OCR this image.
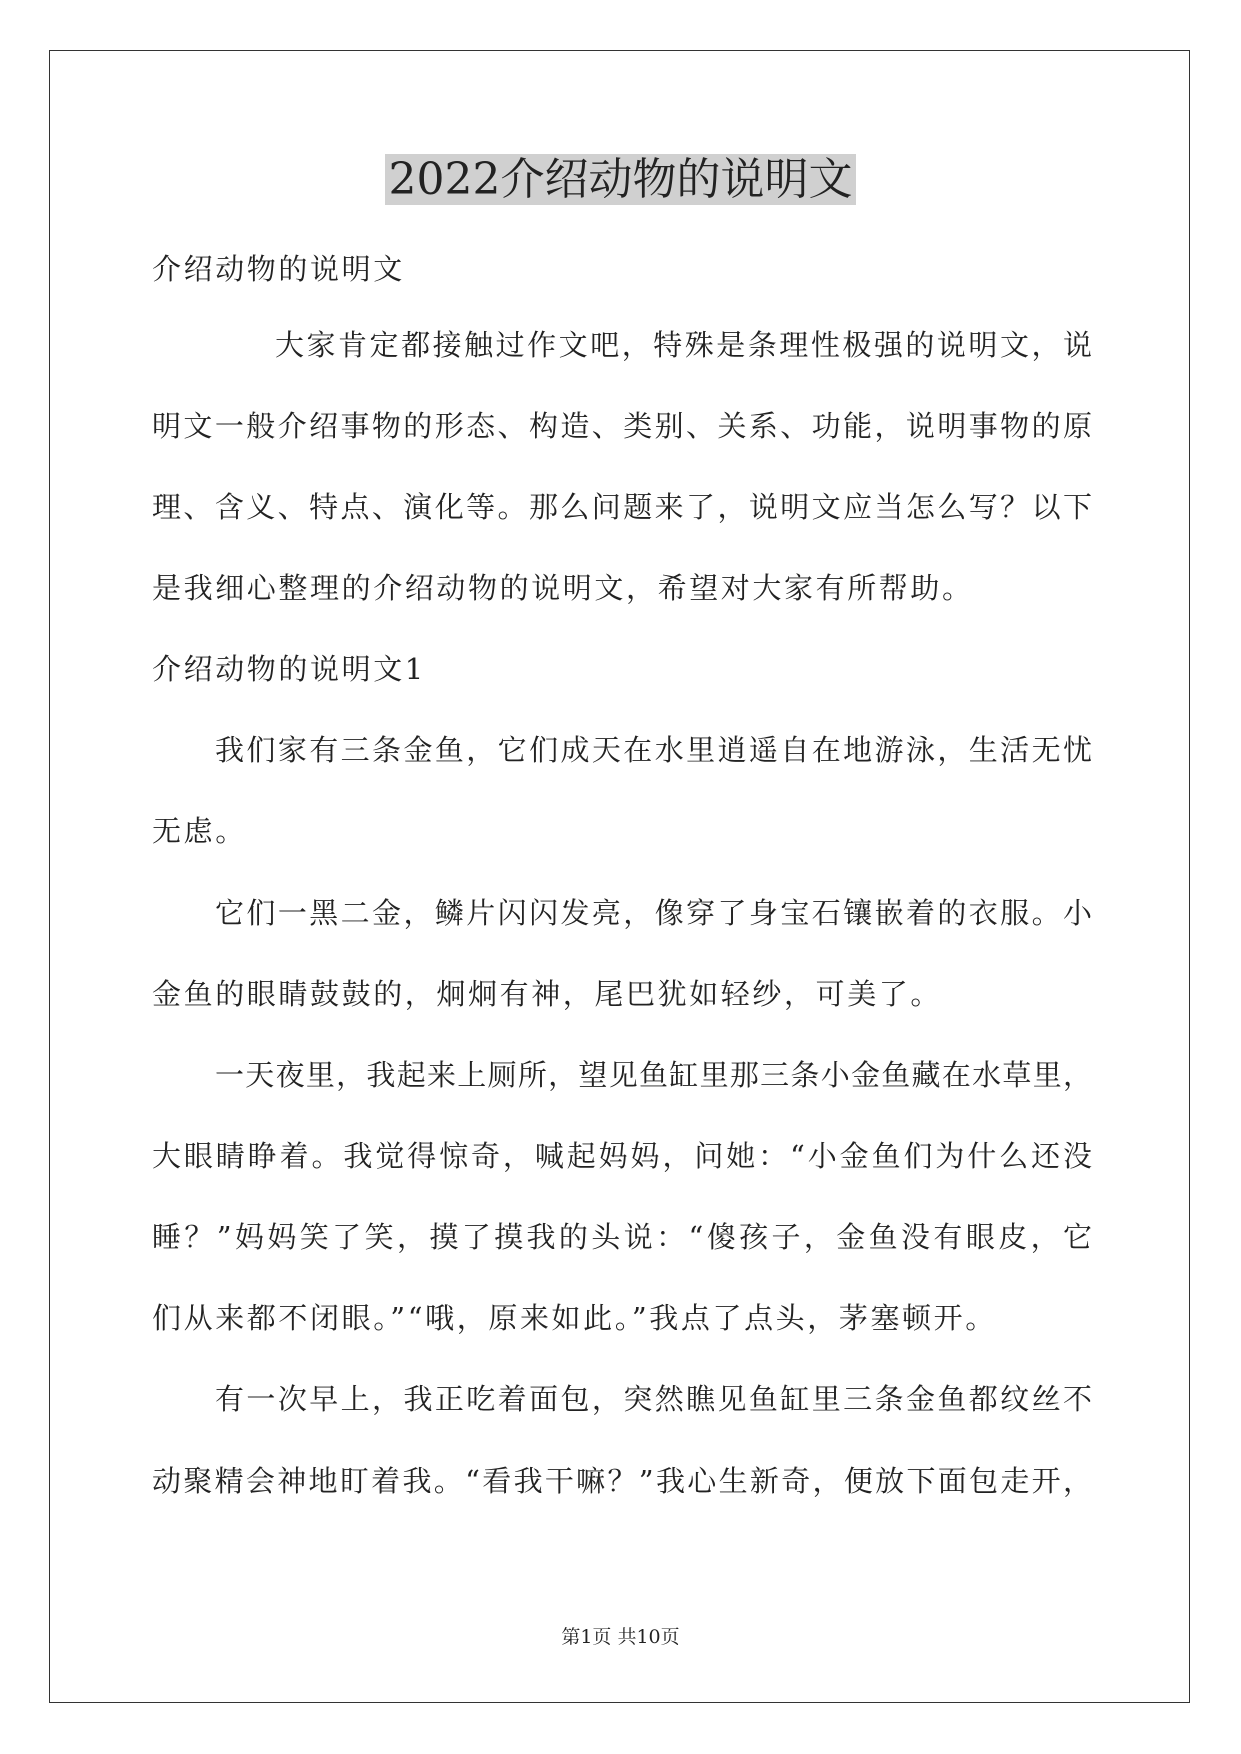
2022介绍动物的说明文
介绍动物的说明文
大家肯定都接触过作文吧，特殊是条理性极强的说明文，说
明文一般介绍事物的形态、构造、类别、关系、功能，说明事物的原
理、含义、特点、演化等。那么问题来了，说明文应当怎么写？以下
是我细心整理的介绍动物的说明文，希望对大家有所帮助。
介绍动物的说明文1
我们家有三条金鱼，它们成天在水里逍遥自在地游泳，生活无忧
无虑。
它们一黑二金，鳞片闪闪发亮，像穿了身宝石镶嵌着的衣服。小
金鱼的眼睛鼓鼓的，炯炯有神，尾巴犹如轻纱，可美了。
一天夜里，我起来上厕所，望见鱼缸里那三条小金鱼藏在水草里，
大眼睛睁着。我觉得惊奇，喊起妈妈，问她：“小金鱼们为什么还没
睡？”妈妈笑了笑，摸了摸我的头说：“傻孩子，金鱼没有眼皮，它
们从来都不闭眼。”“哦，原来如此。”我点了点头，茅塞顿开。
有一次早上，我正吃着面包，突然瞧见鱼缸里三条金鱼都纹丝不
动聚精会神地盯着我。“看我干嘛？”我心生新奇，便放下面包走开，
第1页 共10页
